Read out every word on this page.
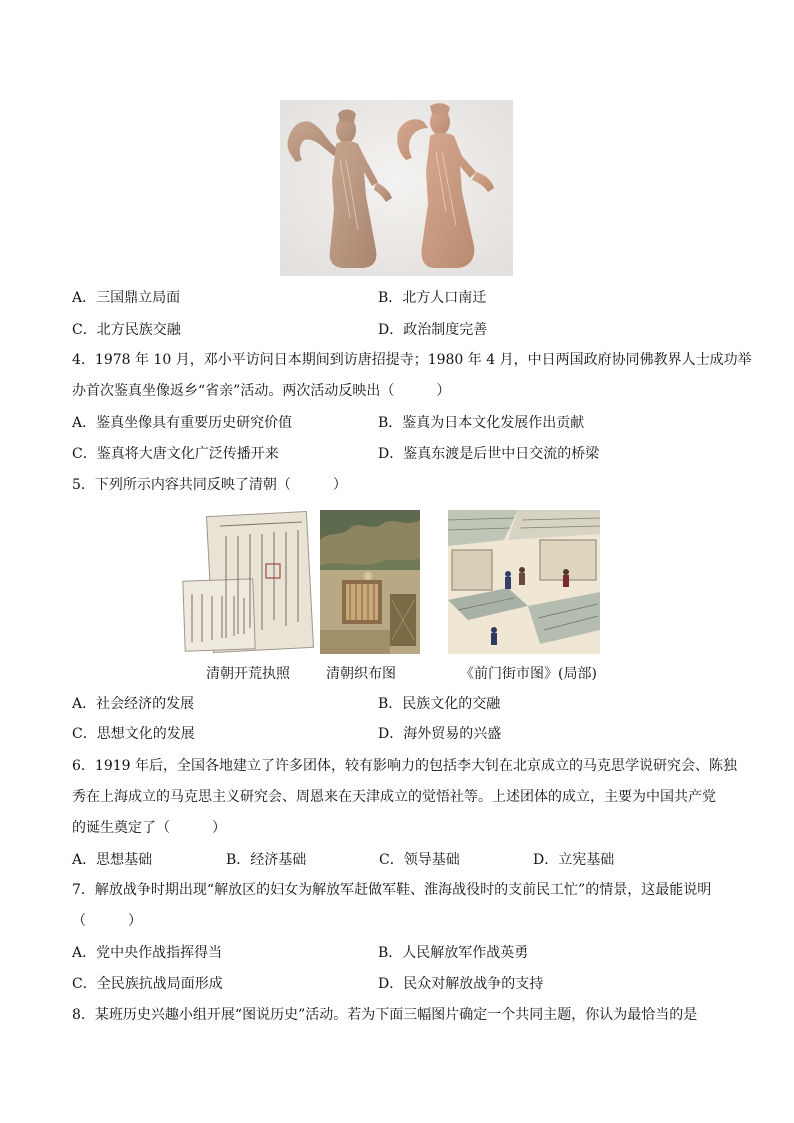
A．三国鼎立局面	B．北方人口南迁
C．北方民族交融	D．政治制度完善
4．1978 年 10 月，邓小平访问日本期间到访唐招提寺；1980 年 4 月，中日两国政府协同佛教界人士成功举
办首次鉴真坐像返乡“省亲”活动。两次活动反映出（　　　）
A．鉴真坐像具有重要历史研究价值	B．鉴真为日本文化发展作出贡献
C．鉴真将大唐文化广泛传播开来	D．鉴真东渡是后世中日交流的桥梁
5．下列所示内容共同反映了清朝（　　　）
清朝开荒执照	清朝织布图	《前门街市图》(局部)
A．社会经济的发展	B．民族文化的交融
C．思想文化的发展	D．海外贸易的兴盛
6．1919 年后，全国各地建立了许多团体，较有影响力的包括李大钊在北京成立的马克思学说研究会、陈独
秀在上海成立的马克思主义研究会、周恩来在天津成立的觉悟社等。上述团体的成立，主要为中国共产党
的诞生奠定了（　　　）
A．思想基础	B．经济基础	C．领导基础	D．立宪基础
7．解放战争时期出现“解放区的妇女为解放军赶做军鞋、淮海战役时的支前民工忙”的情景，这最能说明
（　　　）
A．党中央作战指挥得当	B．人民解放军作战英勇
C．全民族抗战局面形成	D．民众对解放战争的支持
8．某班历史兴趣小组开展“图说历史”活动。若为下面三幅图片确定一个共同主题，你认为最恰当的是
